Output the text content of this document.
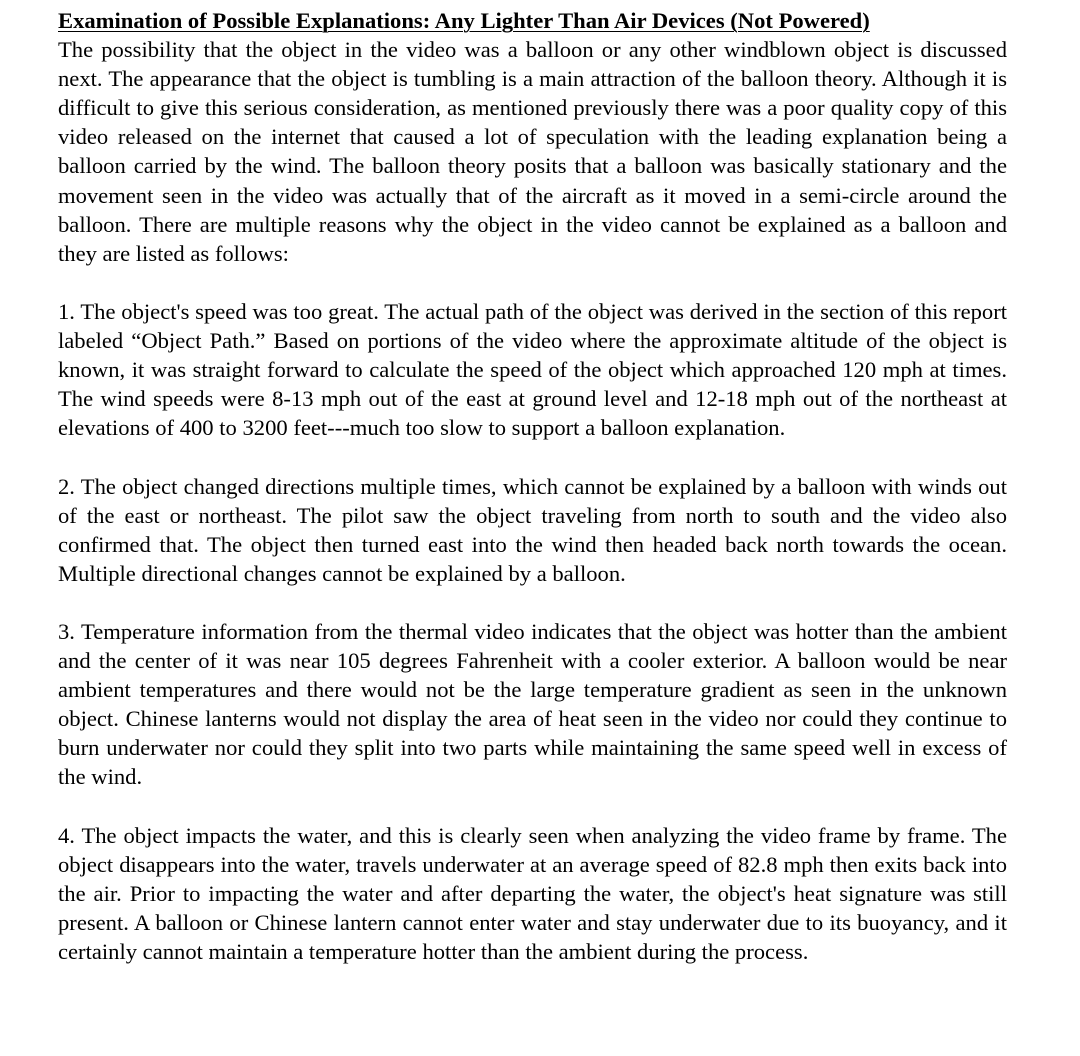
Examination of Possible Explanations: Any Lighter Than Air Devices (Not Powered)

The possibility that the object in the video was a balloon or any other windblown object is discussed next. The appearance that the object is tumbling is a main attraction of the balloon theory. Although it is difficult to give this serious consideration, as mentioned previously there was a poor quality copy of this video released on the internet that caused a lot of speculation with the leading explanation being a balloon carried by the wind. The balloon theory posits that a balloon was basically stationary and the movement seen in the video was actually that of the aircraft as it moved in a semi-circle around the balloon. There are multiple reasons why the object in the video cannot be explained as a balloon and they are listed as follows:

1. The object's speed was too great. The actual path of the object was derived in the section of this report labeled “Object Path.” Based on portions of the video where the approximate altitude of the object is known, it was straight forward to calculate the speed of the object which approached 120 mph at times. The wind speeds were 8-13 mph out of the east at ground level and 12-18 mph out of the northeast at elevations of 400 to 3200 feet---much too slow to support a balloon explanation.

2. The object changed directions multiple times, which cannot be explained by a balloon with winds out of the east or northeast. The pilot saw the object traveling from north to south and the video also confirmed that. The object then turned east into the wind then headed back north towards the ocean. Multiple directional changes cannot be explained by a balloon.

3. Temperature information from the thermal video indicates that the object was hotter than the ambient and the center of it was near 105 degrees Fahrenheit with a cooler exterior. A balloon would be near ambient temperatures and there would not be the large temperature gradient as seen in the unknown object. Chinese lanterns would not display the area of heat seen in the video nor could they continue to burn underwater nor could they split into two parts while maintaining the same speed well in excess of the wind.

4. The object impacts the water, and this is clearly seen when analyzing the video frame by frame. The object disappears into the water, travels underwater at an average speed of 82.8 mph then exits back into the air. Prior to impacting the water and after departing the water, the object's heat signature was still present. A balloon or Chinese lantern cannot enter water and stay underwater due to its buoyancy, and it certainly cannot maintain a temperature hotter than the ambient during the process.
